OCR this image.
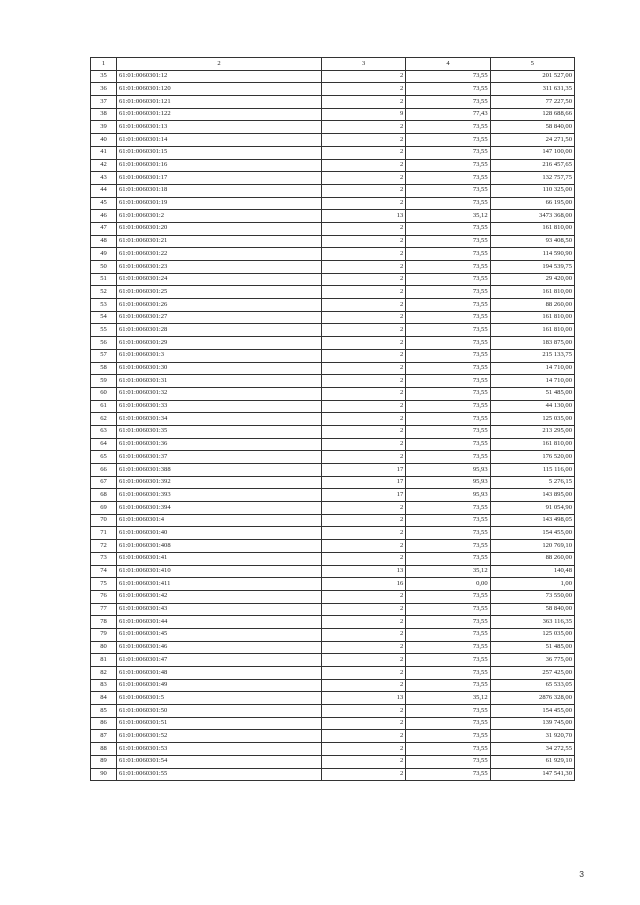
1	2	3	4	5
35	61:01:0060301:12	2	73,55	201 527,00
36	61:01:0060301:120	2	73,55	311 631,35
37	61:01:0060301:121	2	73,55	77 227,50
38	61:01:0060301:122	9	77,43	128 688,66
39	61:01:0060301:13	2	73,55	58 840,00
40	61:01:0060301:14	2	73,55	24 271,50
41	61:01:0060301:15	2	73,55	147 100,00
42	61:01:0060301:16	2	73,55	216 457,65
43	61:01:0060301:17	2	73,55	132 757,75
44	61:01:0060301:18	2	73,55	110 325,00
45	61:01:0060301:19	2	73,55	66 195,00
46	61:01:0060301:2	13	35,12	3473 368,00
47	61:01:0060301:20	2	73,55	161 810,00
48	61:01:0060301:21	2	73,55	93 408,50
49	61:01:0060301:22	2	73,55	114 590,90
50	61:01:0060301:23	2	73,55	194 539,75
51	61:01:0060301:24	2	73,55	29 420,00
52	61:01:0060301:25	2	73,55	161 810,00
53	61:01:0060301:26	2	73,55	88 260,00
54	61:01:0060301:27	2	73,55	161 810,00
55	61:01:0060301:28	2	73,55	161 810,00
56	61:01:0060301:29	2	73,55	183 875,00
57	61:01:0060301:3	2	73,55	215 133,75
58	61:01:0060301:30	2	73,55	14 710,00
59	61:01:0060301:31	2	73,55	14 710,00
60	61:01:0060301:32	2	73,55	51 485,00
61	61:01:0060301:33	2	73,55	44 130,00
62	61:01:0060301:34	2	73,55	125 035,00
63	61:01:0060301:35	2	73,55	213 295,00
64	61:01:0060301:36	2	73,55	161 810,00
65	61:01:0060301:37	2	73,55	176 520,00
66	61:01:0060301:388	17	95,93	115 116,00
67	61:01:0060301:392	17	95,93	5 276,15
68	61:01:0060301:393	17	95,93	143 895,00
69	61:01:0060301:394	2	73,55	91 054,90
70	61:01:0060301:4	2	73,55	143 498,05
71	61:01:0060301:40	2	73,55	154 455,00
72	61:01:0060301:408	2	73,55	120 769,10
73	61:01:0060301:41	2	73,55	88 260,00
74	61:01:0060301:410	13	35,12	140,48
75	61:01:0060301:411	16	0,00	1,00
76	61:01:0060301:42	2	73,55	73 550,00
77	61:01:0060301:43	2	73,55	58 840,00
78	61:01:0060301:44	2	73,55	363 116,35
79	61:01:0060301:45	2	73,55	125 035,00
80	61:01:0060301:46	2	73,55	51 485,00
81	61:01:0060301:47	2	73,55	36 775,00
82	61:01:0060301:48	2	73,55	257 425,00
83	61:01:0060301:49	2	73,55	65 533,05
84	61:01:0060301:5	13	35,12	2876 328,00
85	61:01:0060301:50	2	73,55	154 455,00
86	61:01:0060301:51	2	73,55	139 745,00
87	61:01:0060301:52	2	73,55	31 920,70
88	61:01:0060301:53	2	73,55	34 272,55
89	61:01:0060301:54	2	73,55	61 929,10
90	61:01:0060301:55	2	73,55	147 541,30
3
